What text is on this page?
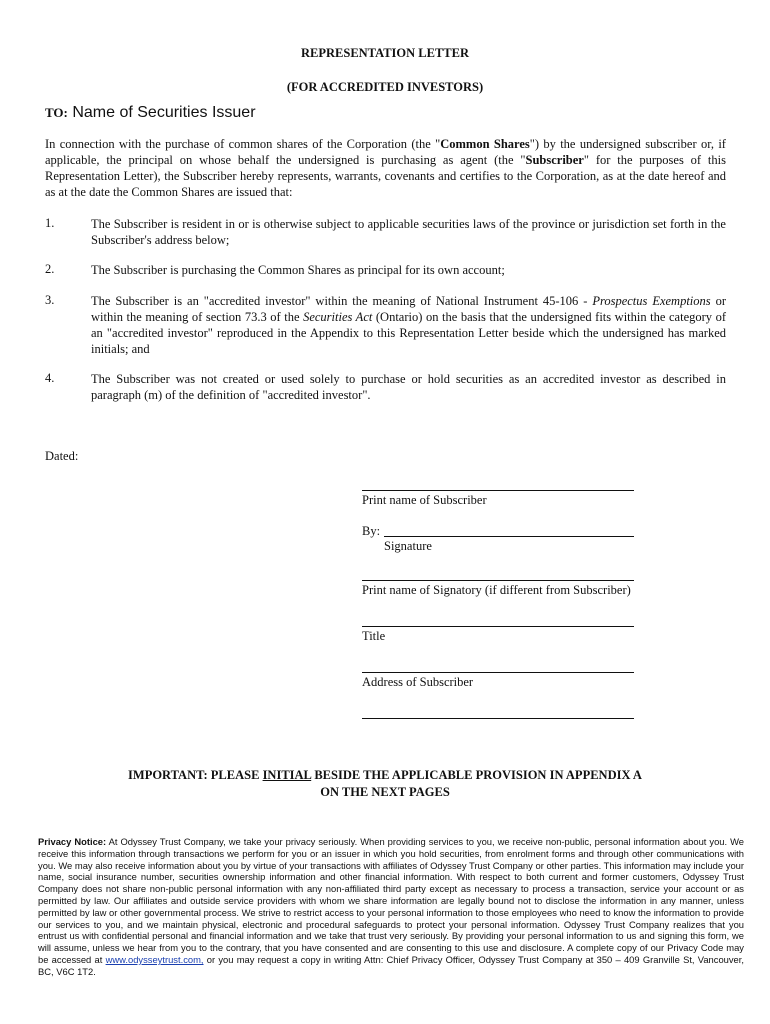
REPRESENTATION LETTER
(FOR ACCREDITED INVESTORS)
TO: Name of Securities Issuer
In connection with the purchase of common shares of the Corporation (the "Common Shares") by the undersigned subscriber or, if applicable, the principal on whose behalf the undersigned is purchasing as agent (the "Subscriber" for the purposes of this Representation Letter), the Subscriber hereby represents, warrants, covenants and certifies to the Corporation, as at the date hereof and as at the date the Common Shares are issued that:
1.	The Subscriber is resident in or is otherwise subject to applicable securities laws of the province or jurisdiction set forth in the Subscriber's address below;
2.	The Subscriber is purchasing the Common Shares as principal for its own account;
3.	The Subscriber is an "accredited investor" within the meaning of National Instrument 45-106 - Prospectus Exemptions or within the meaning of section 73.3 of the Securities Act (Ontario) on the basis that the undersigned fits within the category of an "accredited investor" reproduced in the Appendix to this Representation Letter beside which the undersigned has marked initials; and
4.	The Subscriber was not created or used solely to purchase or hold securities as an accredited investor as described in paragraph (m) of the definition of "accredited investor".
Dated:
Print name of Subscriber
By:
Signature
Print name of Signatory (if different from Subscriber)
Title
Address of Subscriber
IMPORTANT: PLEASE INITIAL BESIDE THE APPLICABLE PROVISION IN APPENDIX A
ON THE NEXT PAGES
Privacy Notice: At Odyssey Trust Company, we take your privacy seriously. When providing services to you, we receive non-public, personal information about you. We receive this information through transactions we perform for you or an issuer in which you hold securities, from enrolment forms and through other communications with you. We may also receive information about you by virtue of your transactions with affiliates of Odyssey Trust Company or other parties. This information may include your name, social insurance number, securities ownership information and other financial information. With respect to both current and former customers, Odyssey Trust Company does not share non-public personal information with any non-affiliated third party except as necessary to process a transaction, service your account or as permitted by law. Our affiliates and outside service providers with whom we share information are legally bound not to disclose the information in any manner, unless permitted by law or other governmental process. We strive to restrict access to your personal information to those employees who need to know the information to provide our services to you, and we maintain physical, electronic and procedural safeguards to protect your personal information. Odyssey Trust Company realizes that you entrust us with confidential personal and financial information and we take that trust very seriously. By providing your personal information to us and signing this form, we will assume, unless we hear from you to the contrary, that you have consented and are consenting to this use and disclosure. A complete copy of our Privacy Code may be accessed at www.odysseytrust.com, or you may request a copy in writing Attn: Chief Privacy Officer, Odyssey Trust Company at 350 – 409 Granville St, Vancouver, BC, V6C 1T2.
